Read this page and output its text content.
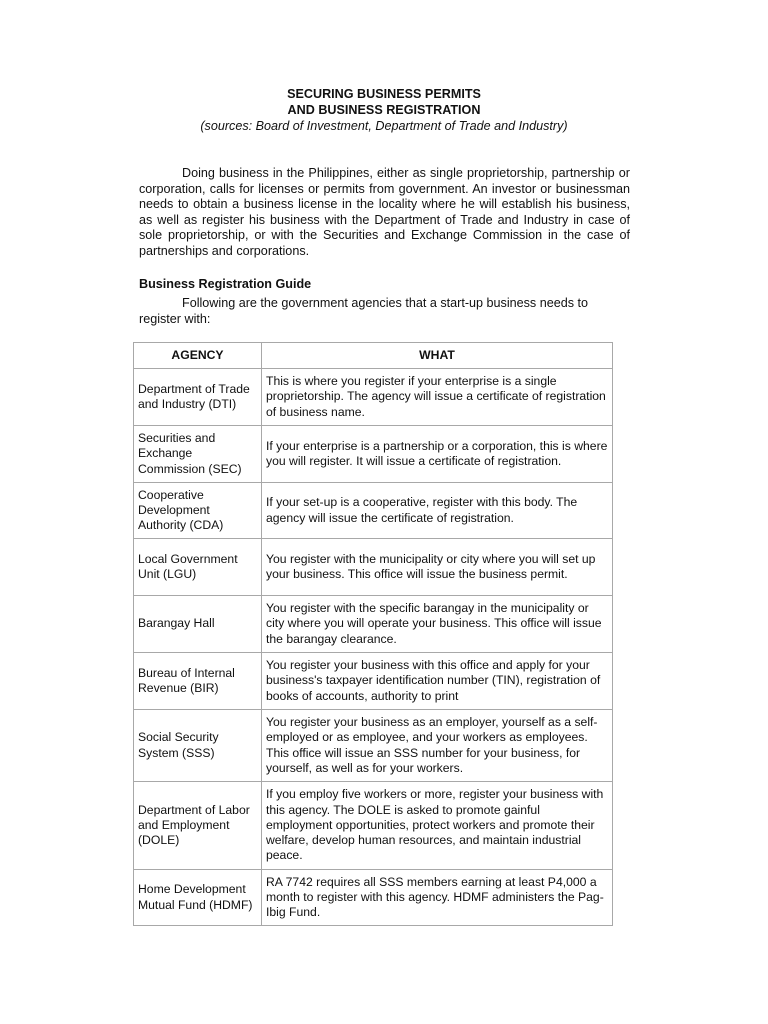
SECURING BUSINESS PERMITS
AND BUSINESS REGISTRATION
(sources: Board of Investment, Department of Trade and Industry)

Doing business in the Philippines, either as single proprietorship, partnership or corporation, calls for licenses or permits from government. An investor or businessman needs to obtain a business license in the locality where he will establish his business, as well as register his business with the Department of Trade and Industry in case of sole proprietorship, or with the Securities and Exchange Commission in the case of partnerships and corporations.

Business Registration Guide

Following are the government agencies that a start-up business needs to register with:

AGENCY	WHAT
Department of Trade and Industry (DTI)	This is where you register if your enterprise is a single proprietorship. The agency will issue a certificate of registration of business name.
Securities and Exchange Commission (SEC)	If your enterprise is a partnership or a corporation, this is where you will register. It will issue a certificate of registration.
Cooperative Development Authority (CDA)	If your set-up is a cooperative, register with this body. The agency will issue the certificate of registration.
Local Government Unit (LGU)	You register with the municipality or city where you will set up your business. This office will issue the business permit.
Barangay Hall	You register with the specific barangay in the municipality or city where you will operate your business. This office will issue the barangay clearance.
Bureau of Internal Revenue (BIR)	You register your business with this office and apply for your business's taxpayer identification number (TIN), registration of books of accounts, authority to print
Social Security System (SSS)	You register your business as an employer, yourself as a self-employed or as employee, and your workers as employees. This office will issue an SSS number for your business, for yourself, as well as for your workers.
Department of Labor and Employment (DOLE)	If you employ five workers or more, register your business with this agency. The DOLE is asked to promote gainful employment opportunities, protect workers and promote their welfare, develop human resources, and maintain industrial peace.
Home Development Mutual Fund (HDMF)	RA 7742 requires all SSS members earning at least P4,000 a month to register with this agency. HDMF administers the Pag-Ibig Fund.
